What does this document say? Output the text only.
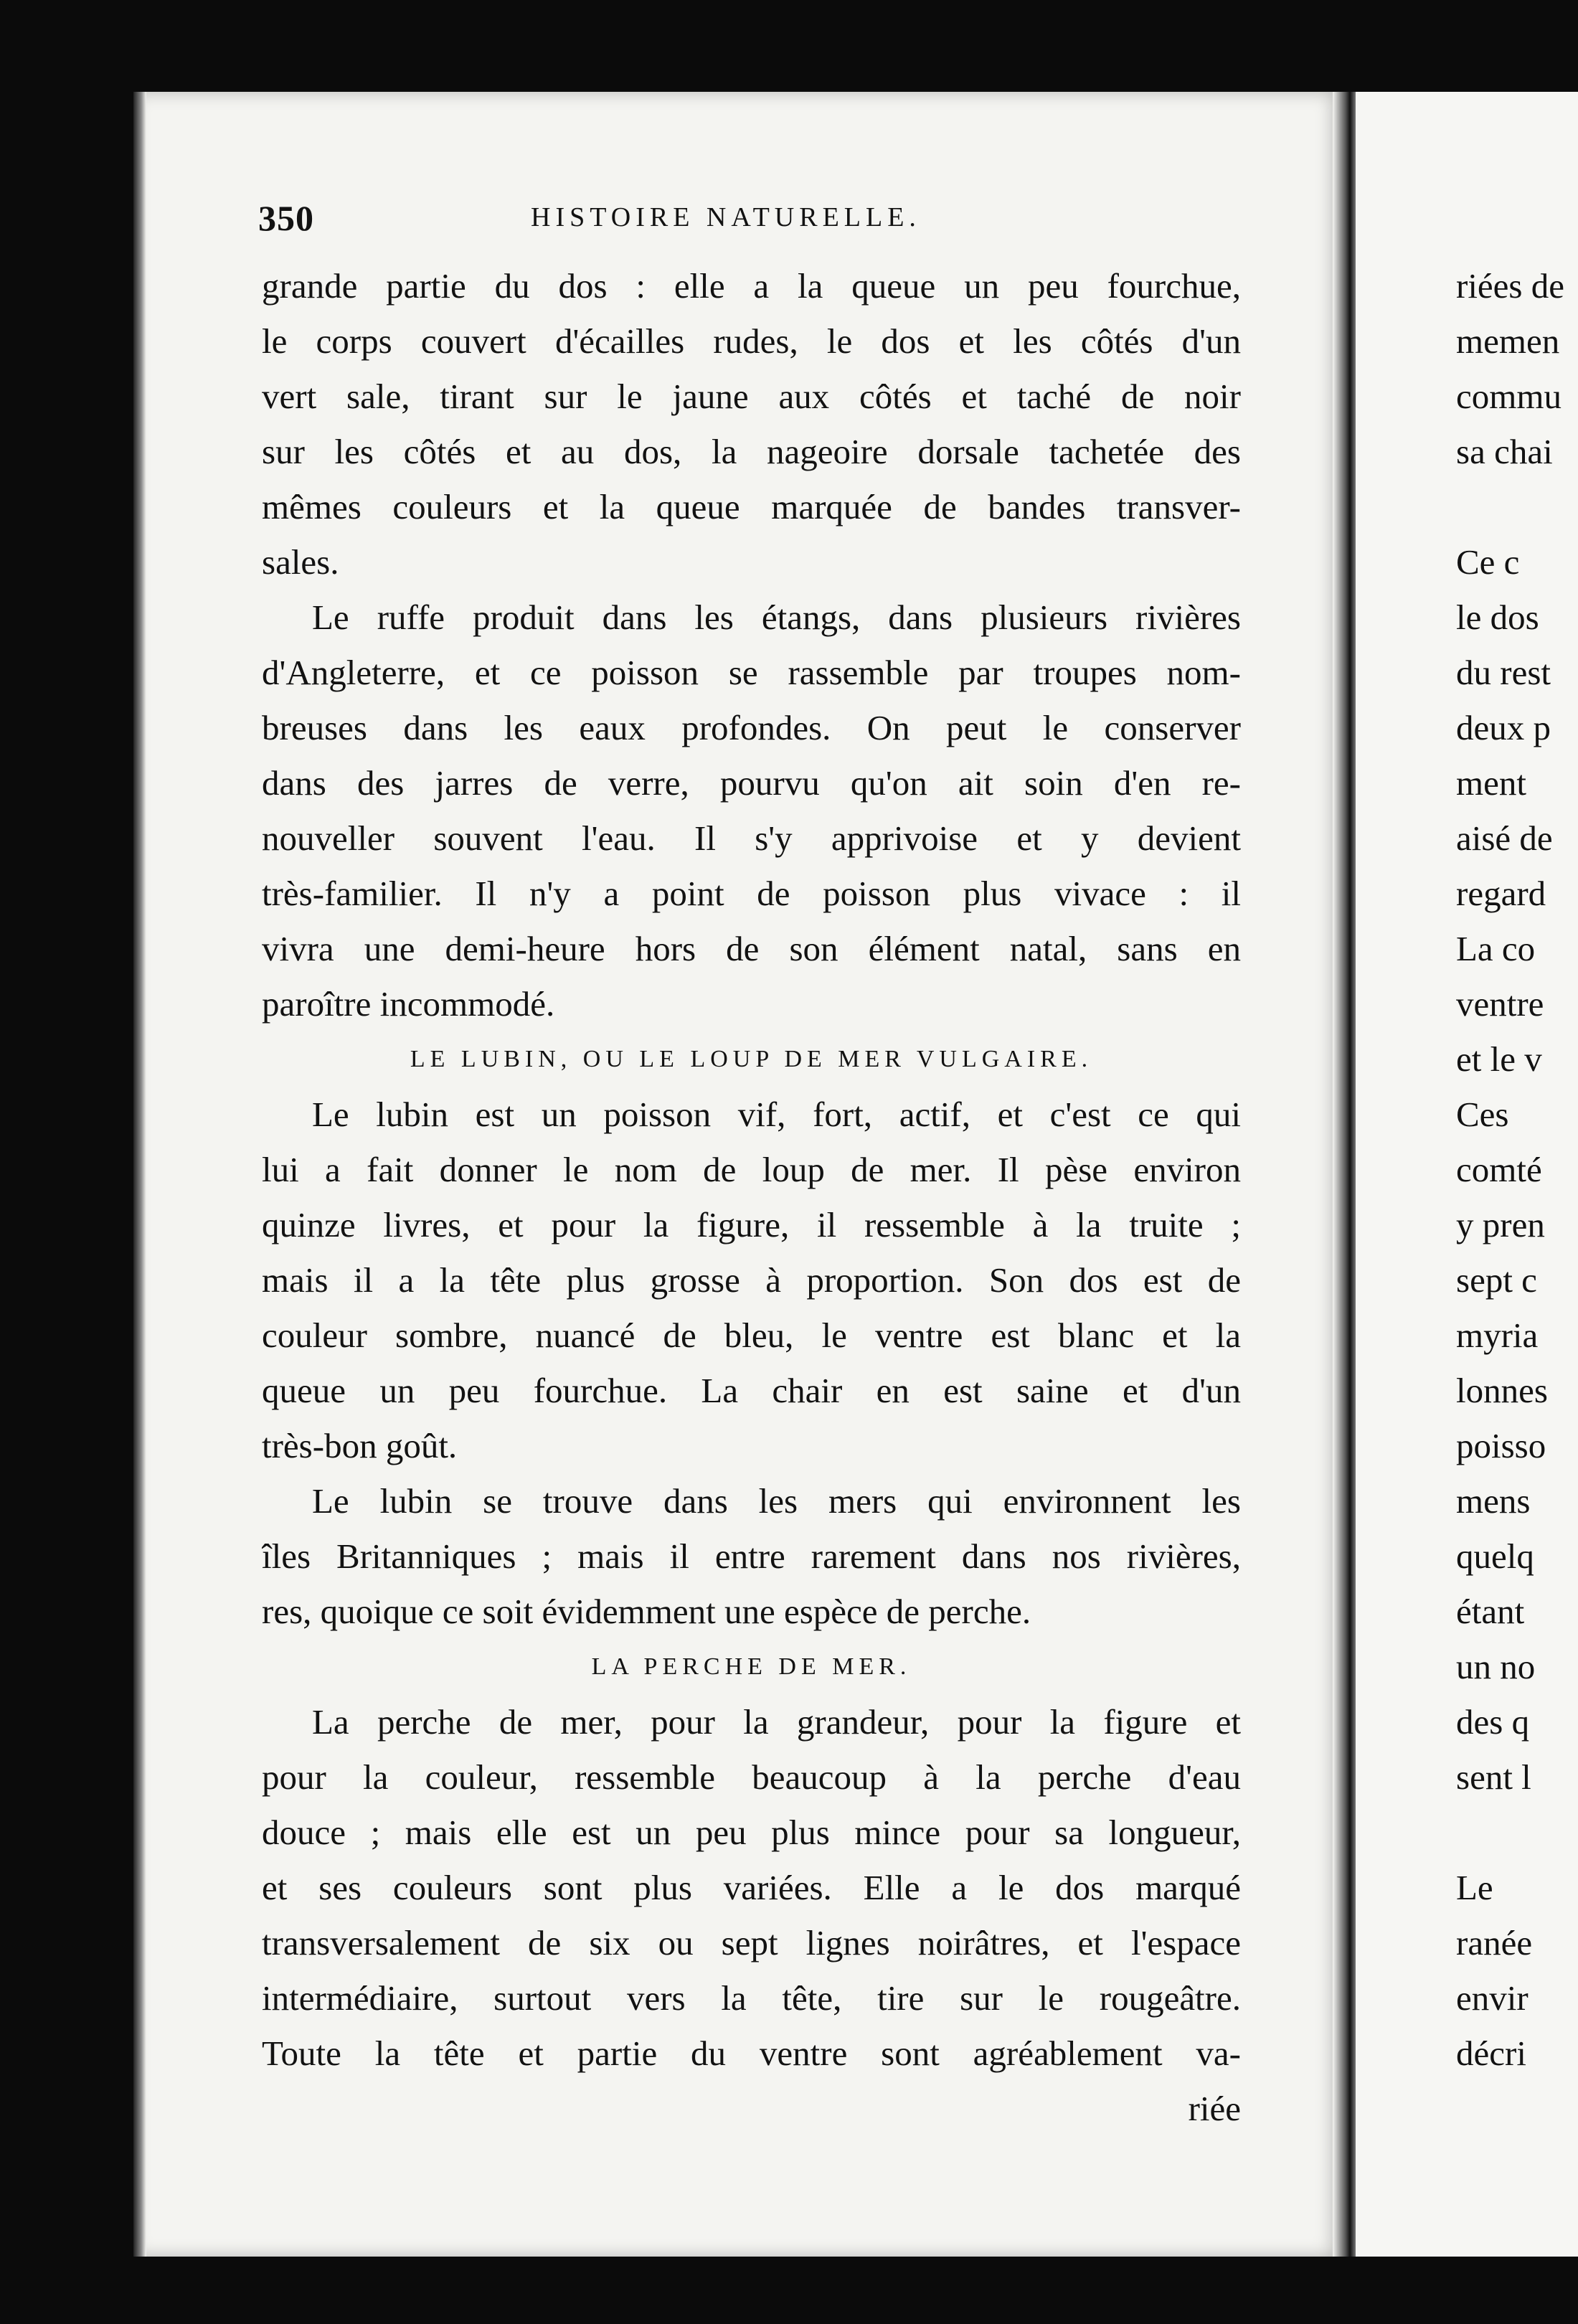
350	HISTOIRE NATURELLE.
grande partie du dos : elle a la queue un peu fourchue,
le corps couvert d'écailles rudes, le dos et les côtés d'un
vert sale, tirant sur le jaune aux côtés et taché de noir
sur les côtés et au dos, la nageoire dorsale tachetée des
mêmes couleurs et la queue marquée de bandes transver-
sales.
Le ruffe produit dans les étangs, dans plusieurs rivières
d'Angleterre, et ce poisson se rassemble par troupes nom-
breuses dans les eaux profondes. On peut le conserver
dans des jarres de verre, pourvu qu'on ait soin d'en re-
nouveller souvent l'eau. Il s'y apprivoise et y devient
très-familier. Il n'y a point de poisson plus vivace : il
vivra une demi-heure hors de son élément natal, sans en
paroître incommodé.
LE LUBIN, OU LE LOUP DE MER VULGAIRE.
Le lubin est un poisson vif, fort, actif, et c'est ce qui
lui a fait donner le nom de loup de mer. Il pèse environ
quinze livres, et pour la figure, il ressemble à la truite ;
mais il a la tête plus grosse à proportion. Son dos est de
couleur sombre, nuancé de bleu, le ventre est blanc et la
queue un peu fourchue. La chair en est saine et d'un
très-bon goût.
Le lubin se trouve dans les mers qui environnent les
îles Britanniques ; mais il entre rarement dans nos rivières,
res, quoique ce soit évidemment une espèce de perche.
LA PERCHE DE MER.
La perche de mer, pour la grandeur, pour la figure et
pour la couleur, ressemble beaucoup à la perche d'eau
douce ; mais elle est un peu plus mince pour sa longueur,
et ses couleurs sont plus variées. Elle a le dos marqué
transversalement de six ou sept lignes noirâtres, et l'espace
intermédiaire, surtout vers la tête, tire sur le rougeâtre.
Toute la tête et partie du ventre sont agréablement va-
riée
riées de
memen
commu
sa chai
Ce c
le dos
du rest
deux p
ment
aisé de
regard
La co
ventre
et le v
Ces
comté
y pren
sept c
myria
lonnes
poisso
mens
quelq
étant
un no
des q
sent l
Le
ranée
envir
décri
